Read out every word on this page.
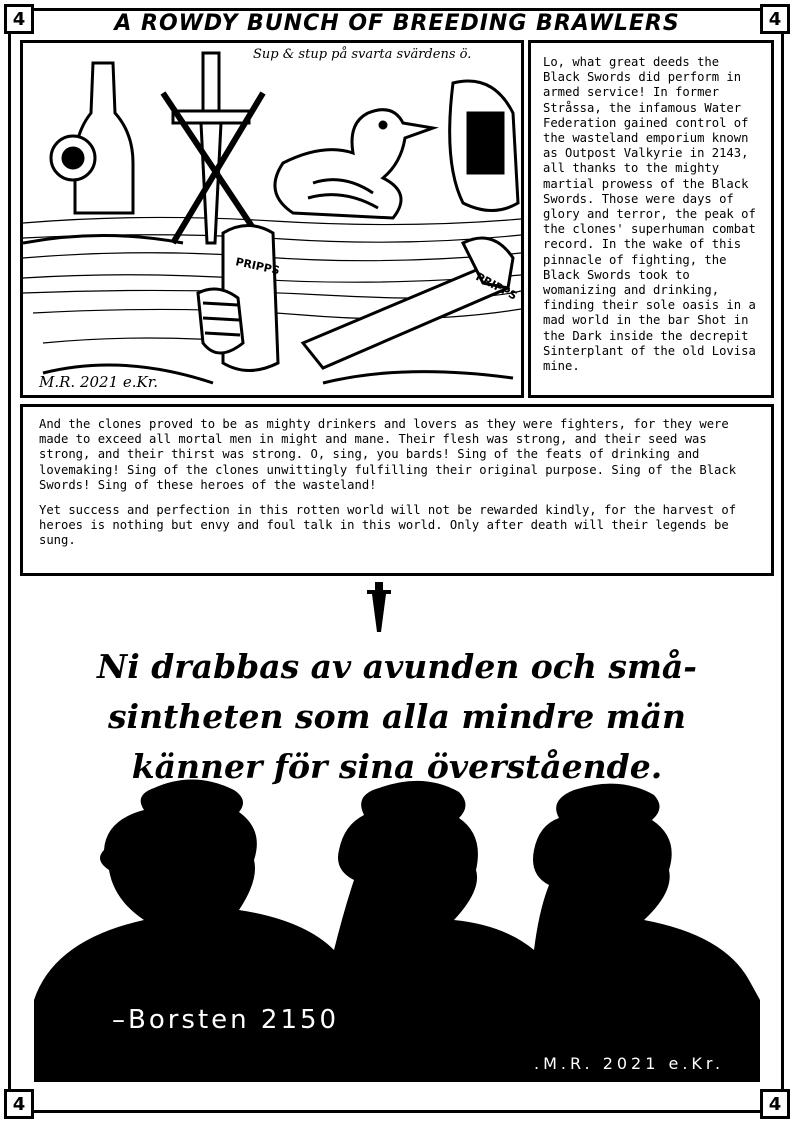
4	4
4	4
A ROWDY BUNCH OF BREEDING BRAWLERS
PRIPPS
PRIPPS
Sup & stup på svarta svärdens ö.
M.R. 2021 e.Kr.
Lo, what great deeds the Black Swords did perform in armed service! In former Stråssa, the infamous Water Federation gained control of the wasteland emporium known as Outpost Valkyrie in 2143, all thanks to the mighty martial prowess of the Black Swords. Those were days of glory and terror, the peak of the clones' superhuman combat record. In the wake of this pinnacle of fighting, the Black Swords took to womanizing and drinking, finding their sole oasis in a mad world in the bar Shot in the Dark inside the decrepit Sinterplant of the old Lovisa mine.

And the clones proved to be as mighty drinkers and lovers as they were fighters, for they were made to exceed all mortal men in might and mane. Their flesh was strong, and their seed was strong, and their thirst was strong. O, sing, you bards! Sing of the feats of drinking and lovemaking! Sing of the clones unwittingly fulfilling their original purpose. Sing of the Black Swords! Sing of these heroes of the wasteland!

Yet success and perfection in this rotten world will not be rewarded kindly, for the harvest of heroes is nothing but envy and foul talk in this world. Only after death will their legends be sung.

Ni drabbas av avunden och små-
sintheten som alla mindre män
känner för sina överstående.
–Borsten 2150
.M.R. 2021 e.Kr.
